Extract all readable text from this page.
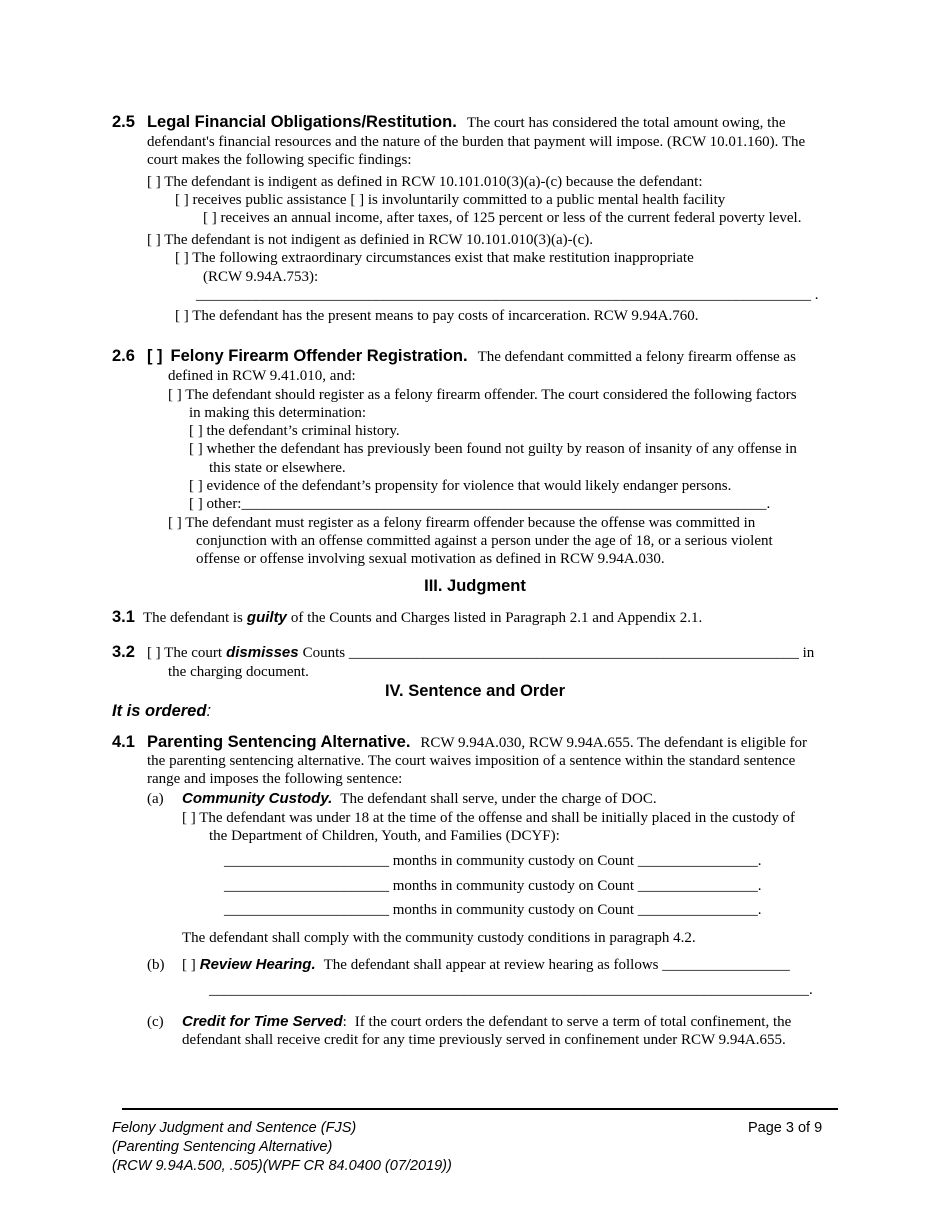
2.5 Legal Financial Obligations/Restitution. The court has considered the total amount owing, the
defendant's financial resources and the nature of the burden that payment will impose. (RCW 10.01.160). The
court makes the following specific findings:
[ ] The defendant is indigent as defined in RCW 10.101.010(3)(a)-(c) because the defendant:
[ ] receives public assistance [ ] is involuntarily committed to a public mental health facility
[ ] receives an annual income, after taxes, of 125 percent or less of the current federal poverty level.
[ ] The defendant is not indigent as definied in RCW 10.101.010(3)(a)-(c).
[ ] The following extraordinary circumstances exist that make restitution inappropriate
(RCW 9.94A.753):
__________________________________________________________________________________ .
[ ] The defendant has the present means to pay costs of incarceration. RCW 9.94A.760.
2.6 [ ] Felony Firearm Offender Registration. The defendant committed a felony firearm offense as
defined in RCW 9.41.010, and:
[ ] The defendant should register as a felony firearm offender. The court considered the following factors
in making this determination:
[ ] the defendant’s criminal history.
[ ] whether the defendant has previously been found not guilty by reason of insanity of any offense in
this state or elsewhere.
[ ] evidence of the defendant’s propensity for violence that would likely endanger persons.
[ ] other:______________________________________________________________________.
[ ] The defendant must register as a felony firearm offender because the offense was committed in
conjunction with an offense committed against a person under the age of 18, or a serious violent
offense or offense involving sexual motivation as defined in RCW 9.94A.030.
III. Judgment
3.1 The defendant is guilty of the Counts and Charges listed in Paragraph 2.1 and Appendix 2.1.
3.2 [ ] The court dismisses Counts ____________________________________________________________ in
the charging document.
IV. Sentence and Order
It is ordered:
4.1 Parenting Sentencing Alternative. RCW 9.94A.030, RCW 9.94A.655. The defendant is eligible for
the parenting sentencing alternative. The court waives imposition of a sentence within the standard sentence
range and imposes the following sentence:
(a) Community Custody. The defendant shall serve, under the charge of DOC.
[ ] The defendant was under 18 at the time of the offense and shall be initially placed in the custody of
the Department of Children, Youth, and Families (DCYF):
______________________ months in community custody on Count ________________.
______________________ months in community custody on Count ________________.
______________________ months in community custody on Count ________________.
The defendant shall comply with the community custody conditions in paragraph 4.2.
(b) [ ] Review Hearing. The defendant shall appear at review hearing as follows _________________
________________________________________________________________________________.
(c) Credit for Time Served: If the court orders the defendant to serve a term of total confinement, the
defendant shall receive credit for any time previously served in confinement under RCW 9.94A.655.
Felony Judgment and Sentence (FJS)
(Parenting Sentencing Alternative)
(RCW 9.94A.500, .505)(WPF CR 84.0400 (07/2019))
Page 3 of 9
